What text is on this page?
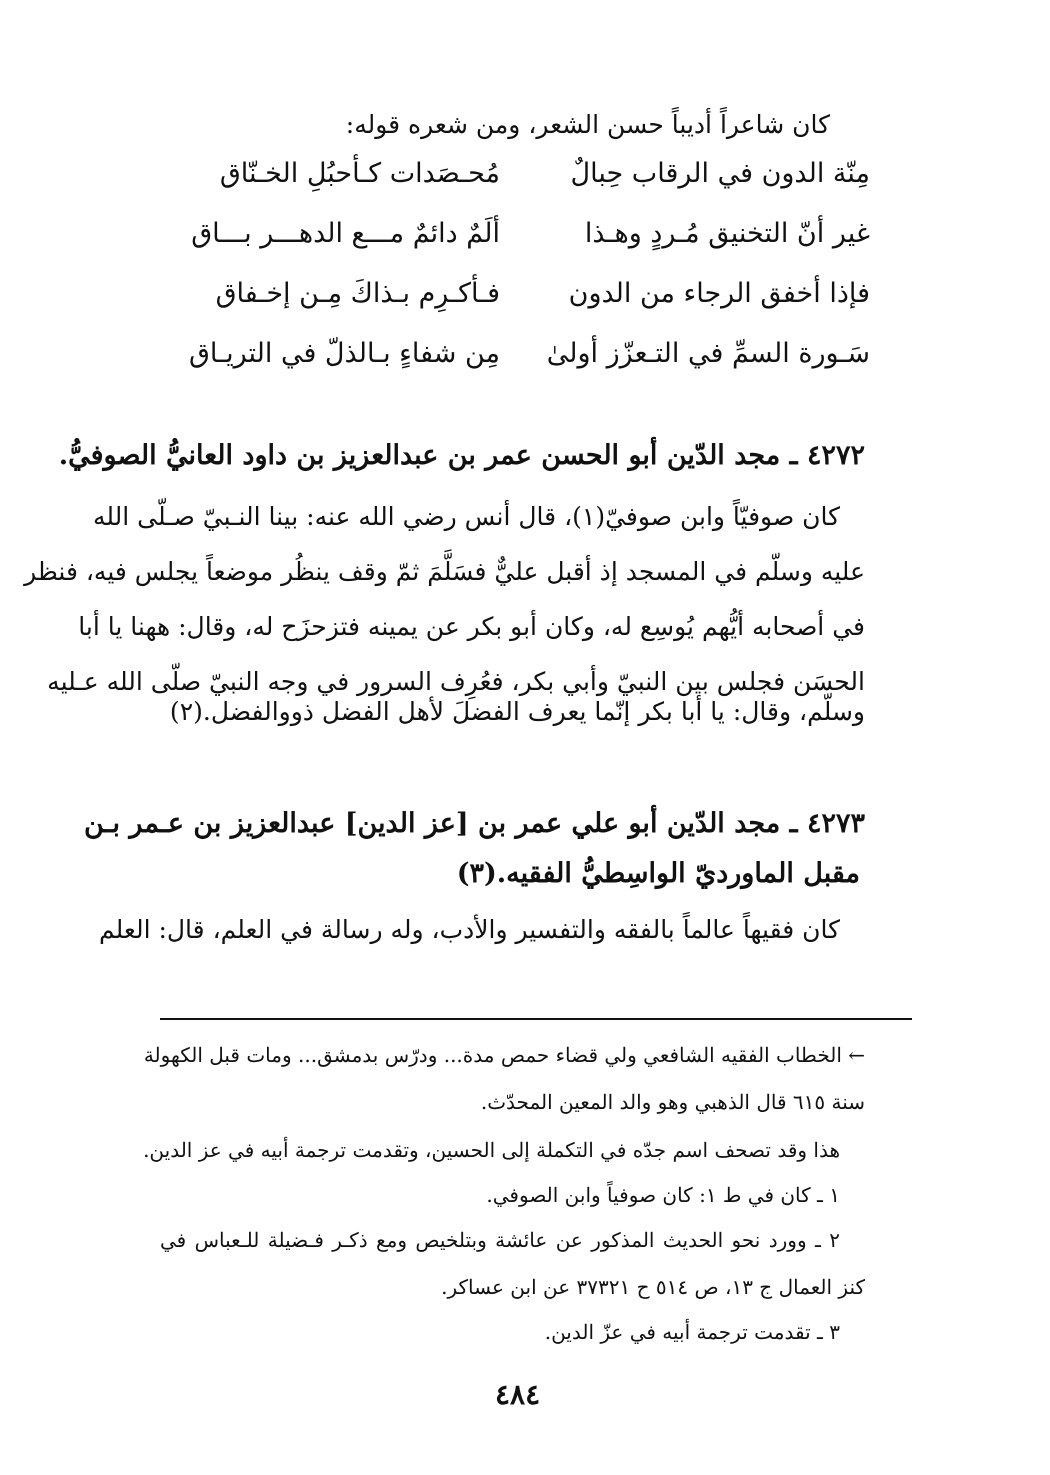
كان شاعراً أديباً حسن الشعر، ومن شعره قوله:
مِنّة الدون في الرقاب حِبالٌ
مُحـصَدات كـأحبُلِ الخـنّاق
غير أنّ التخنيق مُـردٍ وهـذا
ألَمٌ دائمٌ مـــع الدهـــر بـــاق
فإذا أخفق الرجاء من الدون
فـأكـرِم بـذاكَ مِـن إخـفاق
سَـورة السمِّ في التـعزّز أولىٰ
مِن شفاءٍ بـالذلّ في التريـاق
٤٢٧٢ ـ مجد الدّين أبو الحسن عمر بن عبدالعزيز بن داود العانيُّ الصوفيُّ.
كان صوفيّاً وابن صوفيّ(١)، قال أنس رضي الله عنه: بينا النـبيّ صـلّى الله
عليه وسلّم في المسجد إذ أقبل عليٌّ فسَلَّمَ ثمّ وقف ينظُر موضعاً يجلس فيه، فنظر
في أصحابه أيُّهم يُوسِع له، وكان أبو بكر عن يمينه فتزحزَح له، وقال: ههنا يا أبا
الحسَن فجلس بين النبيّ وأبي بكر، فعُرِف السرور في وجه النبيّ صلّى الله عـليه
وسلّم، وقال: يا أبا بكر إنّما يعرف الفضلَ لأهل الفضل ذووالفضل.(٢)
٤٢٧٣ ـ مجد الدّين أبو علي عمر بن [عز الدين] عبدالعزيز بن عـمر بـن
مقبل الماورديّ الواسِطيُّ الفقيه.(٣)
كان فقيهاً عالماً بالفقه والتفسير والأدب، وله رسالة في العلم، قال: العلم
← الخطاب الفقيه الشافعي ولي قضاء حمص مدة... ودرّس بدمشق... ومات قبل الكهولة
سنة ٦١٥ قال الذهبي وهو والد المعين المحدّث.
هذا وقد تصحف اسم جدّه في التكملة إلى الحسين، وتقدمت ترجمة أبيه في عز الدين.
١ ـ كان في ط ١: كان صوفياً وابن الصوفي.
٢ ـ وورد نحو الحديث المذكور عن عائشة وبتلخيص ومع ذكـر فـضيلة للـعباس في
كنز العمال ج ١٣، ص ٥١٤ ح ٣٧٣٢١ عن ابن عساكر.
٣ ـ تقدمت ترجمة أبيه في عزّ الدين.
٤٨٤
